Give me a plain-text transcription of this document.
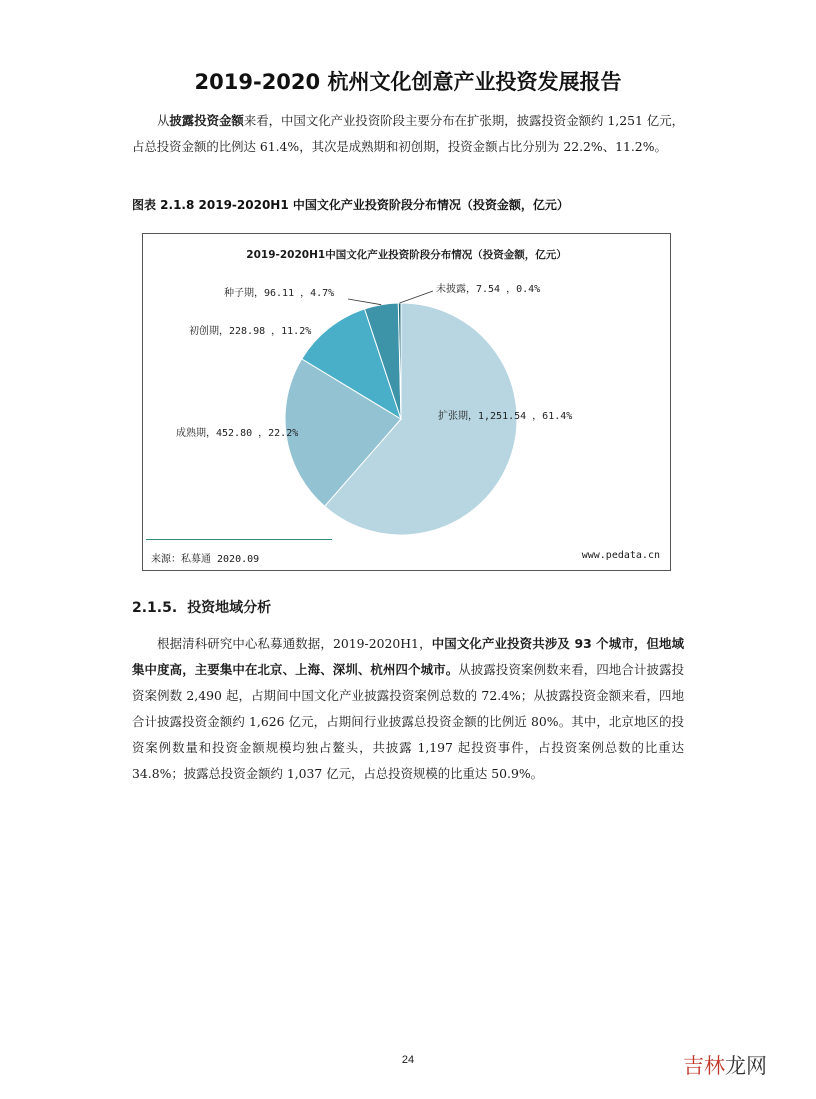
2019-2020 杭州文化创意产业投资发展报告
从披露投资金额来看，中国文化产业投资阶段主要分布在扩张期，披露投资金额约 1,251 亿元，占总投资金额的比例达 61.4%，其次是成熟期和初创期，投资金额占比分别为 22.2%、11.2%。
图表 2.1.8 2019-2020H1 中国文化产业投资阶段分布情况（投资金额，亿元）
2019-2020H1中国文化产业投资阶段分布情况（投资金额，亿元）
扩张期，1,251.54 ，61.4%
成熟期，452.80 ，22.2%
初创期，228.98 ，11.2%
种子期，96.11 ，4.7%	未披露，7.54 ，0.4%
来源：私募通 2020.09	www.pedata.cn
2.1.5. 投资地域分析
根据清科研究中心私募通数据，2019-2020H1，中国文化产业投资共涉及 93 个城市，但地域集中度高，主要集中在北京、上海、深圳、杭州四个城市。从披露投资案例数来看，四地合计披露投资案例数 2,490 起，占期间中国文化产业披露投资案例总数的 72.4%；从披露投资金额来看，四地合计披露投资金额约 1,626 亿元，占期间行业披露总投资金额的比例近 80%。其中，北京地区的投资案例数量和投资金额规模均独占鳌头，共披露 1,197 起投资事件，占投资案例总数的比重达 34.8%；披露总投资金额约 1,037 亿元，占总投资规模的比重达 50.9%。
24	吉林龙网
